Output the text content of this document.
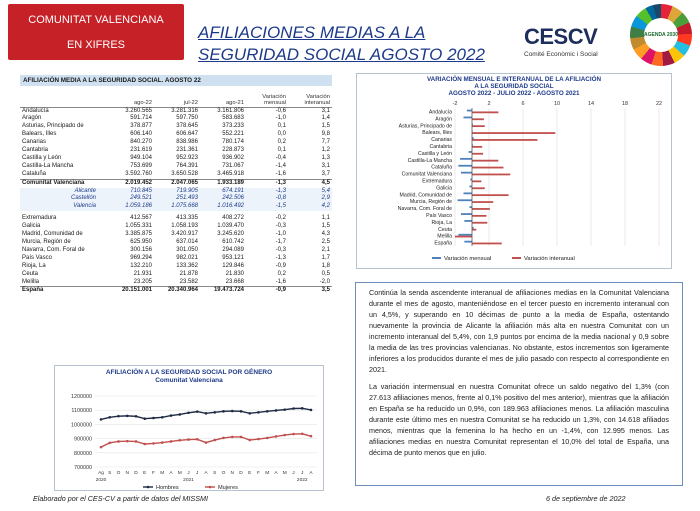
COMUNITAT VALENCIANA
EN XIFRES
AFILIACIONES MEDIAS A LA SEGURIDAD SOCIAL AGOSTO 2022
CESCV
Comité Econòmic i Social
AGENDA 2030
AFILIACIÓN MEDIA A LA SEGURIDAD SOCIAL. AGOSTO 22
	ago-22	jul-22	ago-21	Variación mensual	Variación interanual
Andalucía	3.260.565	3.281.316	3.161.806	-0,6	3,1
Aragón	591.714	597.750	583.683	-1,0	1,4
Asturias, Principado de	378.877	378.645	373.233	0,1	1,5
Balears, Illes	606.140	606.647	552.221	0,0	9,8
Canarias	840.270	838.986	780.174	0,2	7,7
Cantabria	231.619	231.361	228.873	0,1	1,2
Castilla y León	949.104	952.923	936.902	-0,4	1,3
Castilla-La Mancha	753.699	764.391	731.067	-1,4	3,1
Cataluña	3.592.760	3.650.528	3.465.918	-1,6	3,7
Comunitat Valenciana	2.019.452	2.047.065	1.933.189	-1,3	4,5
Alicante	710.845	719.905	674.191	-1,3	5,4
Castellón	249.521	251.493	242.506	-0,8	2,9
Valencia	1.059.186	1.075.668	1.016.492	-1,5	4,2

Extremadura	412.567	413.335	408.272	-0,2	1,1
Galicia	1.055.331	1.058.193	1.039.470	-0,3	1,5
Madrid, Comunidad de	3.385.875	3.420.917	3.245.620	-1,0	4,3
Murcia, Región de	625.950	637.014	610.742	-1,7	2,5
Navarra, Com. Foral de	300.156	301.050	294.089	-0,3	2,1
País Vasco	969.294	982.021	953.121	-1,3	1,7
Rioja, La	132.210	133.362	129.846	-0,9	1,8
Ceuta	21.931	21.878	21.830	0,2	0,5
Melilla	23.205	23.582	23.668	-1,6	-2,0
España	20.151.001	20.340.964	19.473.724	-0,9	3,5
VARIACIÓN MENSUAL E INTERANUAL DE LA AFILIACIÓN
A LA SEGURIDAD SOCIAL
AGOSTO 2022 - JULIO 2022 - AGOSTO 2021
-2	2	6	10	14	18	22
Andalucía
Aragón
Asturias, Principado de
Balears, Illes
Canarias
Cantabria
Castilla y León
Castilla-La Mancha
Cataluña
Comunitat Valenciana
Extremadura
Galicia
Madrid, Comunidad de
Murcia, Región de
Navarra, Com. Foral de
País Vasco
Rioja, La
Ceuta
Melilla
España
Variación mensual	Variación interanual
AFILIACIÓN A LA SEGURIDAD SOCIAL POR GÉNERO
Comunitat Valenciana
700000
800000
900000
1000000
1100000
1200000
Ag S O N D E F M A M J J A S O N D E F M A M J J A
2020	2021	2022
Hombres	Mujeres

Continúa la senda ascendente interanual de afiliaciones medias en la Comunitat Valenciana durante el mes de agosto, manteniéndose en el tercer puesto en incremento interanual con un 4,5%, y superando en 10 décimas de punto a la media de España, ostentando nuevamente la provincia de Alicante la afiliación más alta en nuestra Comunitat con un incremento interanual del 5,4%, con 1,9 puntos por encima de la media nacional y 0,9 sobre la media de las tres provincias valencianas. No obstante, estos incrementos son ligeramente inferiores a los producidos durante el mes de julio pasado con respecto al correspondiente en 2021.

La variación intermensual en nuestra Comunitat ofrece un saldo negativo del 1,3% (con 27.613 afiliaciones menos, frente al 0,1% positivo del mes anterior), mientras que la afiliación en España se ha reducido un 0,9%, con 189.963 afiliaciones menos. La afiliación masculina durante este último mes en nuestra Comunitat se ha reducido un 1,3%, con 14.618 afiliados menos, mientras que la femenina lo ha hecho en un -1,4%, con 12.995 menos. Las afiliaciones medias en nuestra Comunitat representan el 10,0% del total de España, una décima de punto menos que en julio.

Elaborado por el CES-CV a partir de datos del MISSMI	6 de septiembre de 2022
